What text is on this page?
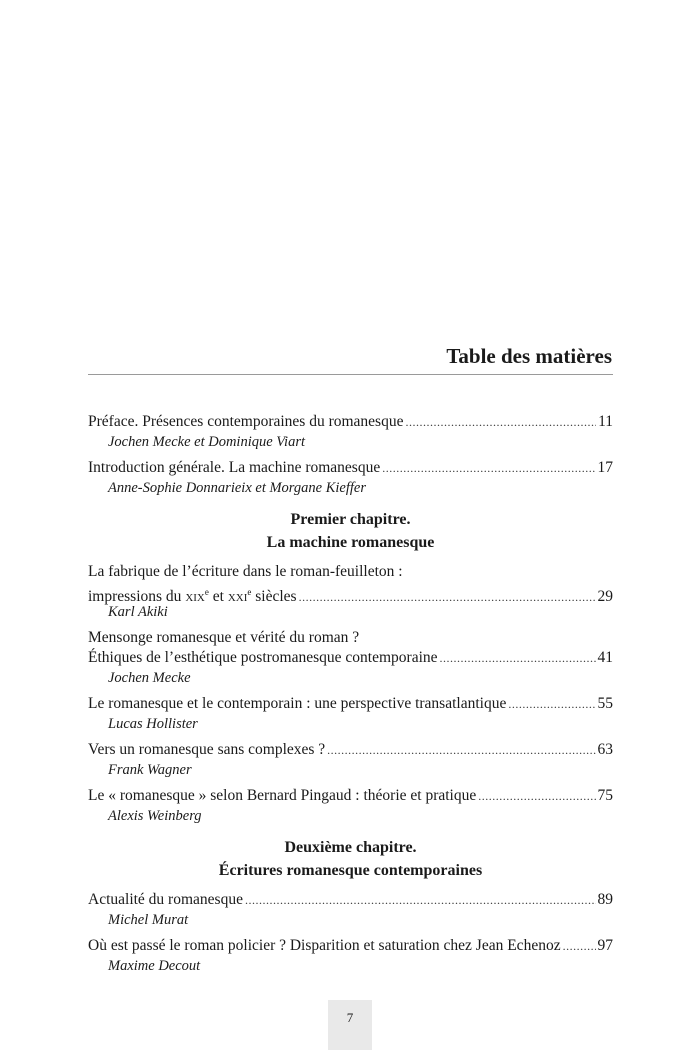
Table des matières
Préface. Présences contemporaines du romanesque .....	11
Jochen Mecke et Dominique Viart
Introduction générale. La machine romanesque .....	17
Anne-Sophie Donnarieix et Morgane Kieffer
Premier chapitre.
La machine romanesque
La fabrique de l’écriture dans le roman-feuilleton :
impressions du xix$^e$ et xxi$^e$ siècles .....	29
Karl Akiki
Mensonge romanesque et vérité du roman ?
Éthiques de l’esthétique postromanesque contemporaine .....	41
Jochen Mecke
Le romanesque et le contemporain : une perspective transatlantique .....	55
Lucas Hollister
Vers un romanesque sans complexes ? .....	63
Frank Wagner
Le « romanesque » selon Bernard Pingaud : théorie et pratique .....	75
Alexis Weinberg
Deuxième chapitre.
Écritures romanesque contemporaines
Actualité du romanesque .....	89
Michel Murat
Où est passé le roman policier ? Disparition et saturation chez Jean Echenoz ..... 97
Maxime Decout
7
